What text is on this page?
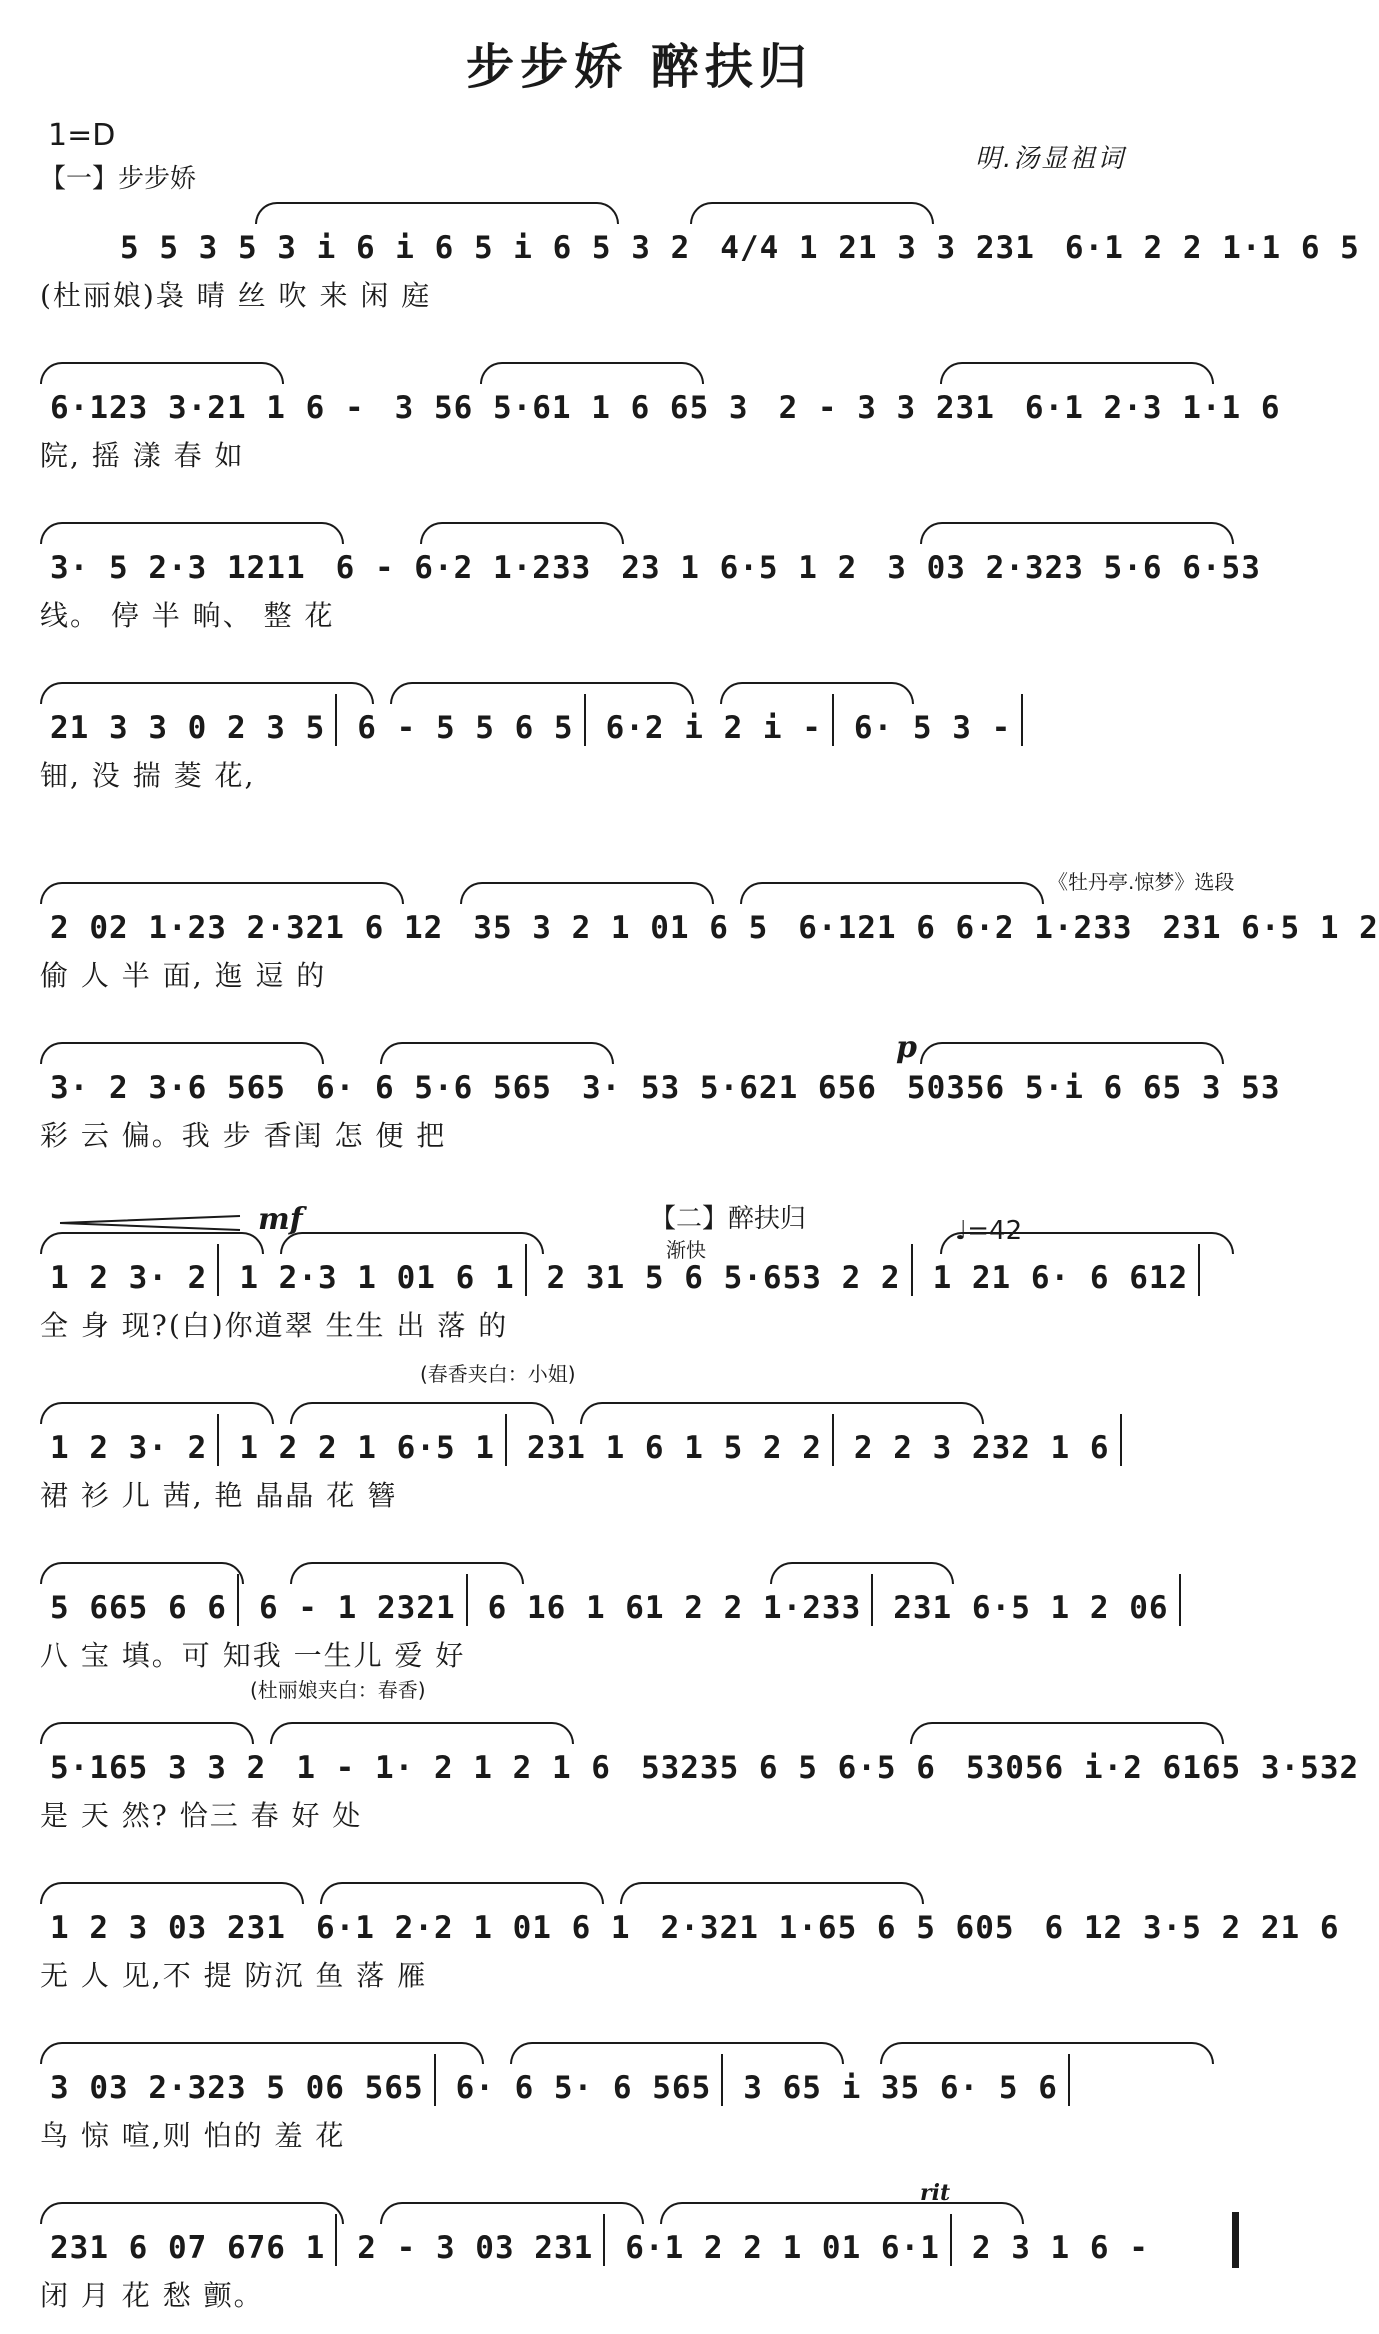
步步娇 醉扶归
1=D
【一】步步娇
明.汤显祖词
5 5 3 5 3 i 6 i 6 5 i 6 5 3 2 4/4 1 21 3 3 231 6·1 2 2 1·1 6 5
(杜丽娘)袅 晴 丝 吹 来 闲 庭
6·123 3·21 1 6 - 3 56 5·61 1 6 65 3 2 - 3 3 231 6·1 2·3 1·1 6
院, 摇 漾 春 如
3· 5 2·3 1211 6 - 6·2 1·233 23 1 6·5 1 2 3 03 2·323 5·6 6·53
线。 停 半 晌、 整 花
21 3 3 0 2 3 5	6 - 5 5 6 5	6·2 i 2 i -	6· 5 3 -
钿, 没 揣 菱 花,
《牡丹亭.惊梦》选段
2 02 1·23 2·321 6 12 35 3 2 1 01 6 5 6·121 6 6·2 1·233 231 6·5 1 2
偷 人 半 面, 迤 逗 的
p
3· 2 3·6 565 6· 6 5·6 565 3· 53 5·621 656 50356 5·i 6 65 3 53
彩 云 偏。我 步 香闺 怎 便 把
mf	【二】醉扶归
渐快
♩=42
1 2 3· 2	1 2·3 1 01 6 1	2 31 5 6 5·653 2 2	1 21 6· 6 612
全 身 现?(白)你道翠 生生 出 落 的
(春香夹白：小姐)
1 2 3· 2	1 2 2 1 6·5 1	231 1 6 1 5 2 2	2 2 3 232 1 6
裙 衫 儿 茜, 艳 晶晶 花 簪
5 665 6 6	6 - 1 2321	6 16 1 61 2 2 1·233	231 6·5 1 2 06
八 宝 填。可 知我 一生儿 爱 好
(杜丽娘夹白：春香)
5·165 3 3 2 1 - 1· 2 1 2 1 6 53235 6 5 6·5 6 53056 i·2 6165 3·532
是 天 然? 恰三 春 好 处
1 2 3 03 231 6·1 2·2 1 01 6 1 2·321 1·65 6 5 605 6 12 3·5 2 21 6
无 人 见,不 提 防沉 鱼 落 雁
3 03 2·323 5 06 565	6· 6 5· 6 565	3 65 i 35 6· 5 6
鸟 惊 喧,则 怕的 羞 花
rit
231 6 07 676 1	2 - 3 03 231	6·1 2 2 1 01 6·1	2 3 1 6 -
闭 月 花 愁 颤。
